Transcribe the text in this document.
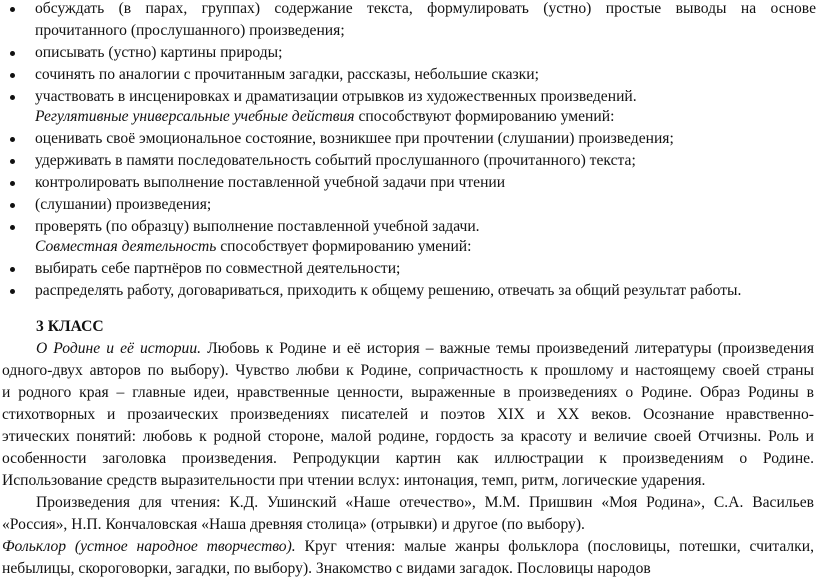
обсуждать (в парах, группах) содержание текста, формулировать (устно) простые выводы на основе
прочитанного (прослушанного) произведения;
описывать (устно) картины природы;
сочинять по аналогии с прочитанным загадки, рассказы, небольшие сказки;
участвовать в инсценировках и драматизации отрывков из художественных произведений.
Регулятивные универсальные учебные действия способствуют формированию умений:
оценивать своё эмоциональное состояние, возникшее при прочтении (слушании) произведения;
удерживать в памяти последовательность событий прослушанного (прочитанного) текста;
контролировать выполнение поставленной учебной задачи при чтении
(слушании) произведения;
проверять (по образцу) выполнение поставленной учебной задачи.
Совместная деятельность способствует формированию умений:
выбирать себе партнёров по совместной деятельности;
распределять работу, договариваться, приходить к общему решению, отвечать за общий результат работы.
3 КЛАСС
О Родине и её истории. Любовь к Родине и её история – важные темы произведений литературы (произведения
одного-двух авторов по выбору). Чувство любви к Родине, сопричастность к прошлому и настоящему своей страны
и родного края – главные идеи, нравственные ценности, выраженные в произведениях о Родине. Образ Родины в
стихотворных и прозаических произведениях писателей и поэтов XIX и XX веков. Осознание нравственно-
этических понятий: любовь к родной стороне, малой родине, гордость за красоту и величие своей Отчизны. Роль и
особенности заголовка произведения. Репродукции картин как иллюстрации к произведениям о Родине.
Использование средств выразительности при чтении вслух: интонация, темп, ритм, логические ударения.
Произведения для чтения: К.Д. Ушинский «Наше отечество», М.М. Пришвин «Моя Родина», С.А. Васильев
«Россия», Н.П. Кончаловская «Наша древняя столица» (отрывки) и другое (по выбору).
Фольклор (устное народное творчество). Круг чтения: малые жанры фольклора (пословицы, потешки, считалки,
небылицы, скороговорки, загадки, по выбору). Знакомство с видами загадок. Пословицы народов
